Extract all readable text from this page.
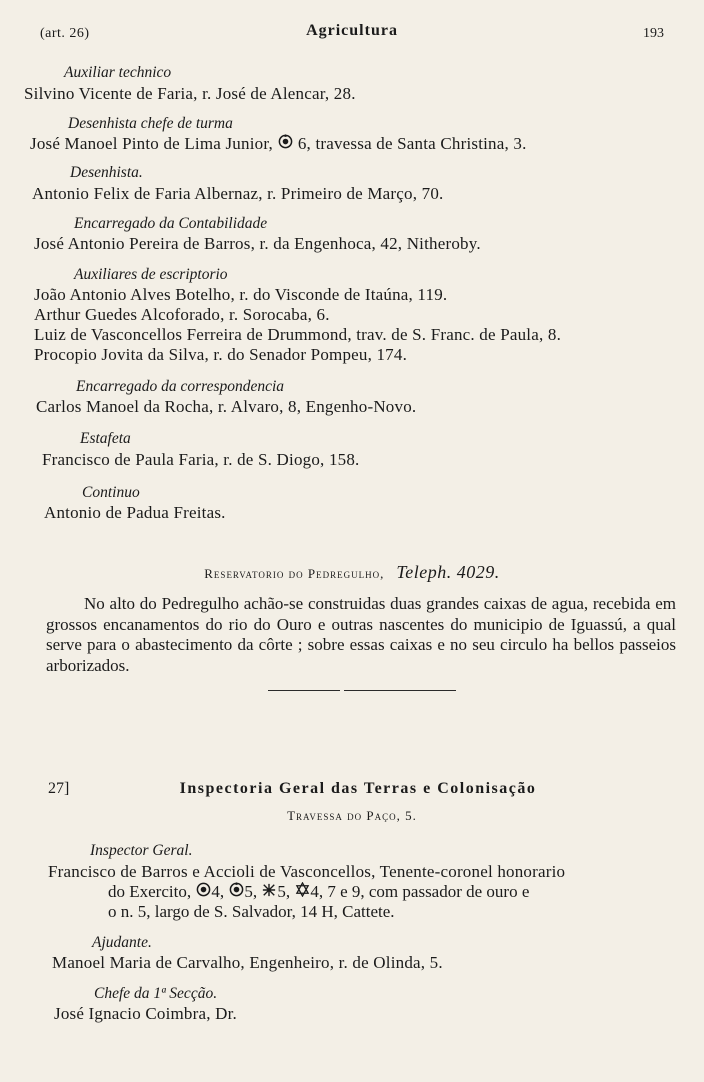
(art. 26)	Agricultura	193
Auxiliar technico
Silvino Vicente de Faria, r. José de Alencar, 28.
Desenhista chefe de turma
José Manoel Pinto de Lima Junior,  6, travessa de Santa Christina, 3.
Desenhista.
Antonio Felix de Faria Albernaz, r. Primeiro de Março, 70.
Encarregado da Contabilidade
José Antonio Pereira de Barros, r. da Engenhoca, 42, Nitheroby.
Auxiliares de escriptorio
João Antonio Alves Botelho, r. do Visconde de Itaúna, 119.
Arthur Guedes Alcoforado, r. Sorocaba, 6.
Luiz de Vasconcellos Ferreira de Drummond, trav. de S. Franc. de Paula, 8.
Procopio Jovita da Silva, r. do Senador Pompeu, 174.
Encarregado da correspondencia
Carlos Manoel da Rocha, r. Alvaro, 8, Engenho-Novo.
Estafeta
Francisco de Paula Faria, r. de S. Diogo, 158.
Continuo
Antonio de Padua Freitas.
Reservatorio do Pedregulho, Teleph. 4029.

No alto do Pedregulho achão-se construidas duas grandes caixas de agua, recebida em grossos encanamentos do rio do Ouro e outras nascentes do municipio de Iguassú, a qual serve para o abastecimento da côrte ; sobre essas caixas e no seu circulo ha bellos passeios arborizados.

27]	Inspectoria Geral das Terras e Colonisação
Travessa do Paço, 5.
Inspector Geral.
Francisco de Barros e Accioli de Vasconcellos, Tenente-coronel honorario
do Exercito, 4, 5, 5, 4, 7 e 9, com passador de ouro e
o n. 5, largo de S. Salvador, 14 H, Cattete.
Ajudante.
Manoel Maria de Carvalho, Engenheiro, r. de Olinda, 5.
Chefe da 1ª Secção.
José Ignacio Coimbra, Dr.
